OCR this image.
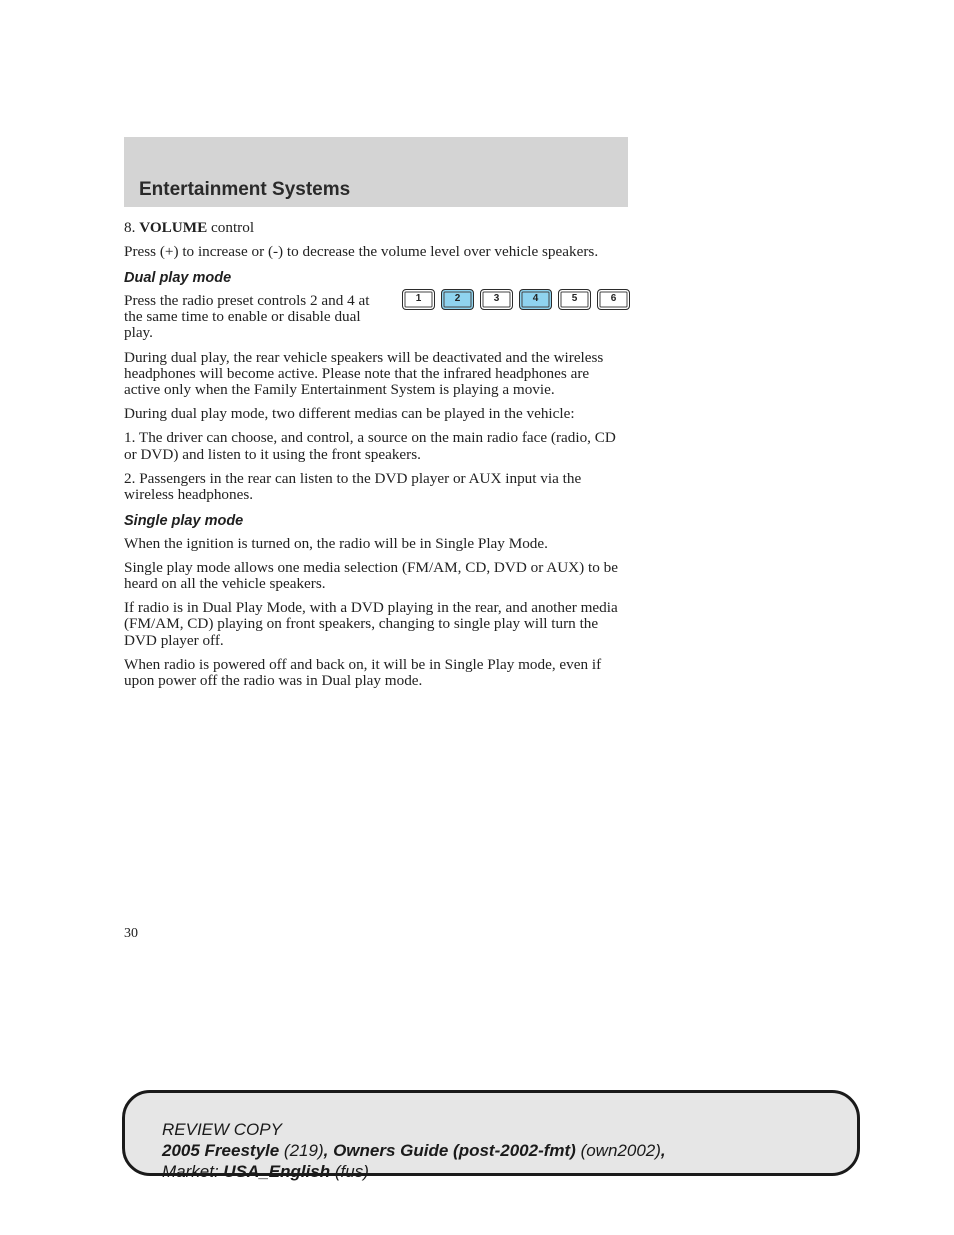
Entertainment Systems

8. VOLUME control

Press (+) to increase or (-) to decrease the volume level over vehicle speakers.

Dual play mode

Press the radio preset controls 2 and 4 at the same time to enable or disable dual play.

1	2	3	4	5	6

During dual play, the rear vehicle speakers will be deactivated and the wireless headphones will become active. Please note that the infrared headphones are active only when the Family Entertainment System is playing a movie.

During dual play mode, two different medias can be played in the vehicle:

1. The driver can choose, and control, a source on the main radio face (radio, CD or DVD) and listen to it using the front speakers.

2. Passengers in the rear can listen to the DVD player or AUX input via the wireless headphones.

Single play mode

When the ignition is turned on, the radio will be in Single Play Mode.

Single play mode allows one media selection (FM/AM, CD, DVD or AUX) to be heard on all the vehicle speakers.

If radio is in Dual Play Mode, with a DVD playing in the rear, and another media (FM/AM, CD) playing on front speakers, changing to single play will turn the DVD player off.

When radio is powered off and back on, it will be in Single Play mode, even if upon power off the radio was in Dual play mode.

30
REVIEW COPY
2005 Freestyle (219), Owners Guide (post-2002-fmt) (own2002),
Market: USA_English (fus)
